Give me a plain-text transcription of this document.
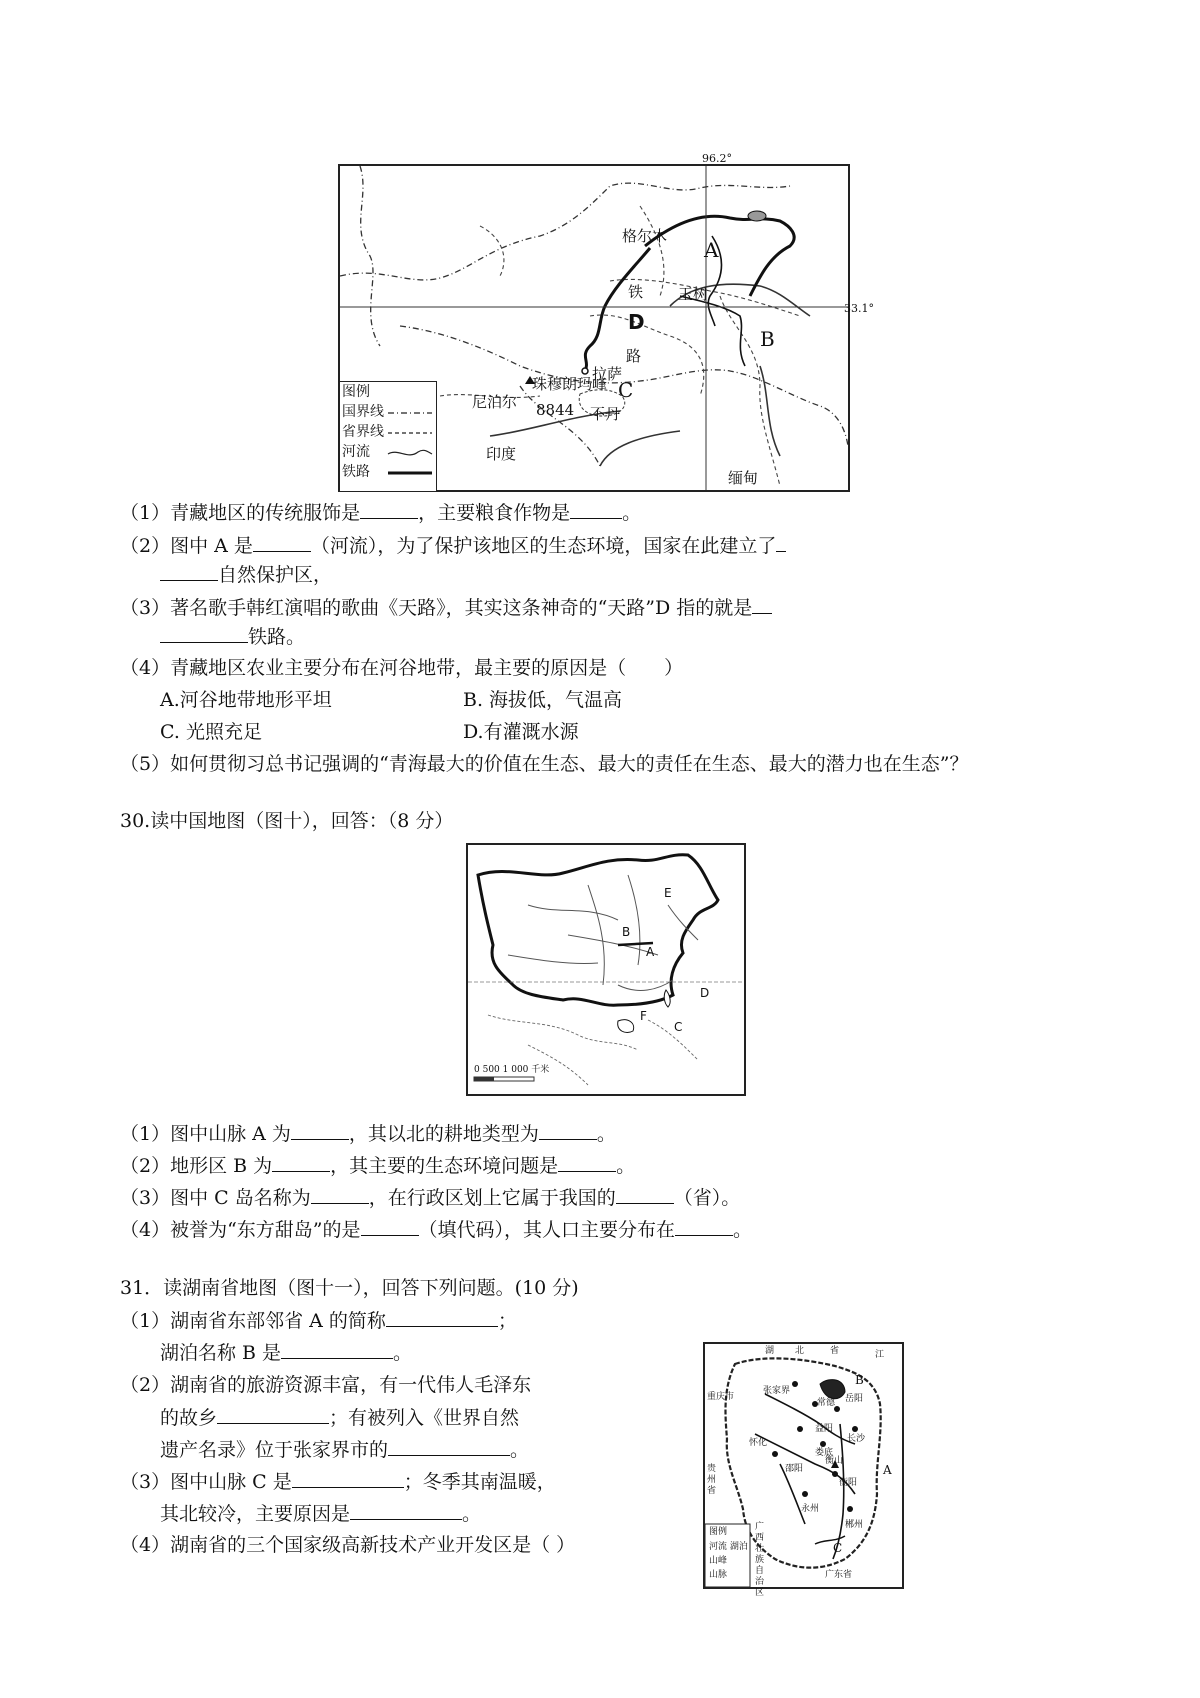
96.2°
33.1°
格尔木
A
铁 玉树
D
路
B
拉萨
C
珠穆朗玛峰
8844
尼泊尔
不丹
印度
缅甸
图例
国界线
省界线
河流
铁路
（1）青藏地区的传统服饰是	，主要粮食作物是	。
（2）图中 A 是	（河流），为了保护该地区的生态环境，国家在此建立了
自然保护区，
（3）著名歌手韩红演唱的歌曲《天路》，其实这条神奇的“天路”D 指的就是
铁路。
（4）青藏地区农业主要分布在河谷地带，最主要的原因是（　　）
A.河谷地带地形平坦	B. 海拔低，气温高
C. 光照充足	D.有灌溉水源
（5）如何贯彻习总书记强调的“青海最大的价值在生态、最大的责任在生态、最大的潜力也在生态”？
30.读中国地图（图十），回答：（8 分）
E
B
A
D
F
C
0 500 1 000 千米
（1）图中山脉 A 为	，其以北的耕地类型为	。
（2）地形区 B 为	，其主要的生态环境问题是	。
（3）图中 C 岛名称为	，在行政区划上它属于我国的	（省）。
（4）被誉为“东方甜岛”的是	（填代码），其人口主要分布在	。
31．读湖南省地图（图十一），回答下列问题。(10 分)
（1）湖南省东部邻省 A 的简称	；
湖泊名称 B 是	。
（2）湖南省的旅游资源丰富，有一代伟人毛泽东
的故乡	；有被列入《世界自然
遗产名录》位于张家界市的	。
（3）图中山脉 C 是	；冬季其南温暖，
其北较冷，主要原因是	。
（4）湖南省的三个国家级高新技术产业开发区是（ ）
湖 北	省	江
重庆市
张家界
常德 岳阳
长沙
益阳
娄底
邵阳
衡阳
衡山
怀化
永州
郴州
贵州省
A
B
C
广西壮族自治区
广东省
图例
河流 湖泊
山峰
山脉
